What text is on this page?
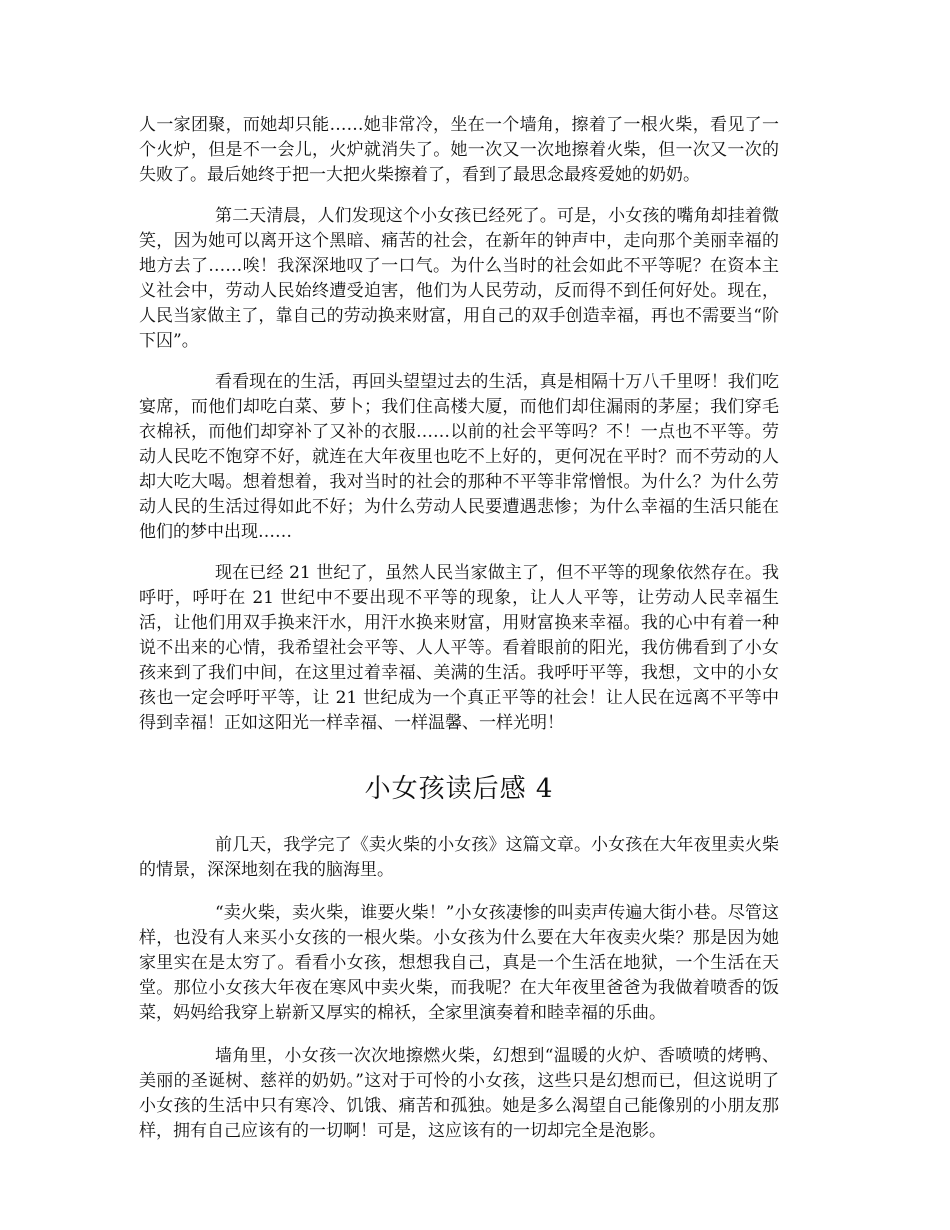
人一家团聚，而她却只能……她非常冷，坐在一个墙角，擦着了一根火柴，看见了一个火炉，但是不一会儿，火炉就消失了。她一次又一次地擦着火柴，但一次又一次的失败了。最后她终于把一大把火柴擦着了，看到了最思念最疼爱她的奶奶。

第二天清晨，人们发现这个小女孩已经死了。可是，小女孩的嘴角却挂着微笑，因为她可以离开这个黑暗、痛苦的社会，在新年的钟声中，走向那个美丽幸福的地方去了……唉！我深深地叹了一口气。为什么当时的社会如此不平等呢？在资本主义社会中，劳动人民始终遭受迫害，他们为人民劳动，反而得不到任何好处。现在，人民当家做主了，靠自己的劳动换来财富，用自己的双手创造幸福，再也不需要当“阶下囚”。

看看现在的生活，再回头望望过去的生活，真是相隔十万八千里呀！我们吃宴席，而他们却吃白菜、萝卜；我们住高楼大厦，而他们却住漏雨的茅屋；我们穿毛衣棉袄，而他们却穿补了又补的衣服……以前的社会平等吗？不！一点也不平等。劳动人民吃不饱穿不好，就连在大年夜里也吃不上好的，更何况在平时？而不劳动的人却大吃大喝。想着想着，我对当时的社会的那种不平等非常憎恨。为什么？为什么劳动人民的生活过得如此不好；为什么劳动人民要遭遇悲惨；为什么幸福的生活只能在他们的梦中出现……

现在已经 21 世纪了，虽然人民当家做主了，但不平等的现象依然存在。我呼吁，呼吁在 21 世纪中不要出现不平等的现象，让人人平等，让劳动人民幸福生活，让他们用双手换来汗水，用汗水换来财富，用财富换来幸福。我的心中有着一种说不出来的心情，我希望社会平等、人人平等。看着眼前的阳光，我仿佛看到了小女孩来到了我们中间，在这里过着幸福、美满的生活。我呼吁平等，我想，文中的小女孩也一定会呼吁平等，让 21 世纪成为一个真正平等的社会！让人民在远离不平等中得到幸福！正如这阳光一样幸福、一样温馨、一样光明！

小女孩读后感 4

前几天，我学完了《卖火柴的小女孩》这篇文章。小女孩在大年夜里卖火柴的情景，深深地刻在我的脑海里。

“卖火柴，卖火柴，谁要火柴！”小女孩凄惨的叫卖声传遍大街小巷。尽管这样，也没有人来买小女孩的一根火柴。小女孩为什么要在大年夜卖火柴？那是因为她家里实在是太穷了。看看小女孩，想想我自己，真是一个生活在地狱，一个生活在天堂。那位小女孩大年夜在寒风中卖火柴，而我呢？在大年夜里爸爸为我做着喷香的饭菜，妈妈给我穿上崭新又厚实的棉袄，全家里演奏着和睦幸福的乐曲。

墙角里，小女孩一次次地擦燃火柴，幻想到“温暖的火炉、香喷喷的烤鸭、美丽的圣诞树、慈祥的奶奶。”这对于可怜的小女孩，这些只是幻想而已，但这说明了小女孩的生活中只有寒冷、饥饿、痛苦和孤独。她是多么渴望自己能像别的小朋友那样，拥有自己应该有的一切啊！可是，这应该有的一切却完全是泡影。
